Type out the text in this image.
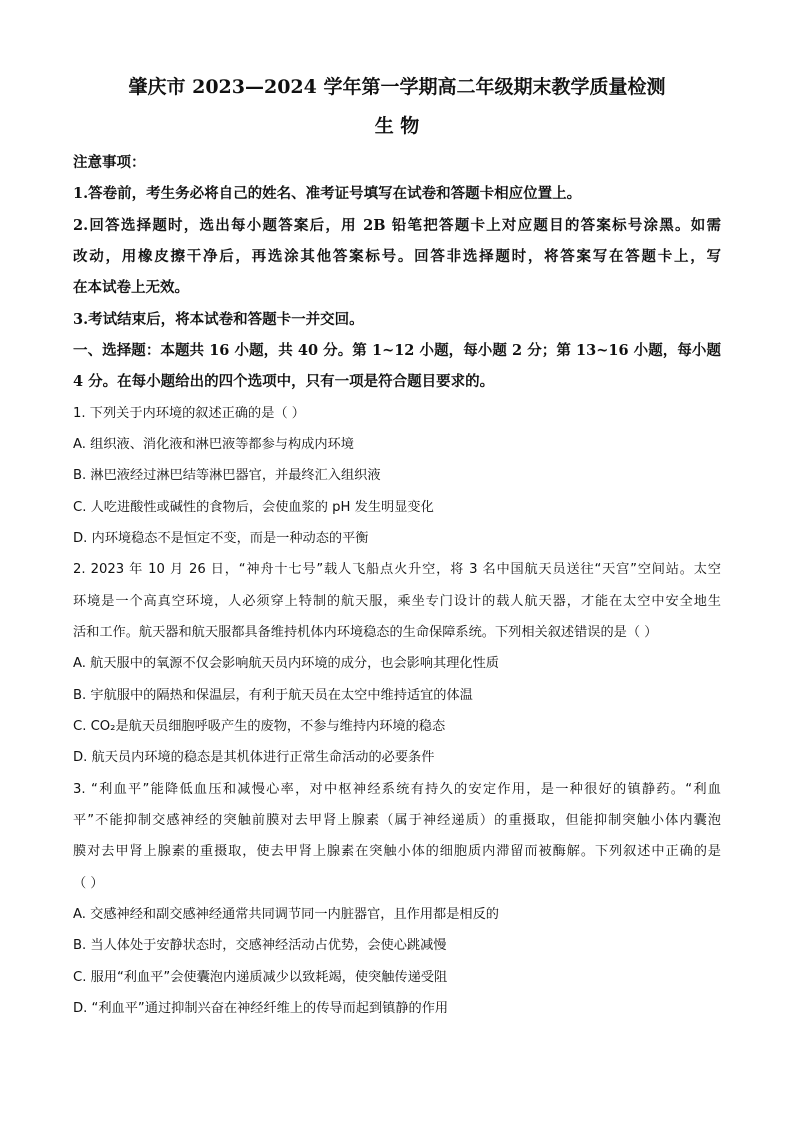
肇庆市 2023—2024 学年第一学期高二年级期末教学质量检测
生 物
注意事项：
1.答卷前，考生务必将自己的姓名、准考证号填写在试卷和答题卡相应位置上。
2.回答选择题时，选出每小题答案后，用 2B 铅笔把答题卡上对应题目的答案标号涂黑。如需
改动，用橡皮擦干净后，再选涂其他答案标号。回答非选择题时，将答案写在答题卡上，写
在本试卷上无效。
3.考试结束后，将本试卷和答题卡一并交回。
一、选择题：本题共 16 小题，共 40 分。第 1~12 小题，每小题 2 分；第 13~16 小题，每小题
4 分。在每小题给出的四个选项中，只有一项是符合题目要求的。
1. 下列关于内环境的叙述正确的是（ ）
A. 组织液、消化液和淋巴液等都参与构成内环境
B. 淋巴液经过淋巴结等淋巴器官，并最终汇入组织液
C. 人吃进酸性或碱性的食物后，会使血浆的 pH 发生明显变化
D. 内环境稳态不是恒定不变，而是一种动态的平衡
2. 2023 年 10 月 26 日，“神舟十七号”载人飞船点火升空，将 3 名中国航天员送往“天宫”空间站。太空
环境是一个高真空环境，人必须穿上特制的航天服，乘坐专门设计的载人航天器，才能在太空中安全地生
活和工作。航天器和航天服都具备维持机体内环境稳态的生命保障系统。下列相关叙述错误的是（ ）
A. 航天服中的氧源不仅会影响航天员内环境的成分，也会影响其理化性质
B. 宇航服中的隔热和保温层，有利于航天员在太空中维持适宜的体温
C. CO₂是航天员细胞呼吸产生的废物，不参与维持内环境的稳态
D. 航天员内环境的稳态是其机体进行正常生命活动的必要条件
3. “利血平”能降低血压和减慢心率，对中枢神经系统有持久的安定作用，是一种很好的镇静药。“利血
平”不能抑制交感神经的突触前膜对去甲肾上腺素（属于神经递质）的重摄取，但能抑制突触小体内囊泡
膜对去甲肾上腺素的重摄取，使去甲肾上腺素在突触小体的细胞质内滞留而被酶解。下列叙述中正确的是
（ ）
A. 交感神经和副交感神经通常共同调节同一内脏器官，且作用都是相反的
B. 当人体处于安静状态时，交感神经活动占优势，会使心跳减慢
C. 服用“利血平”会使囊泡内递质减少以致耗竭，使突触传递受阻
D. “利血平”通过抑制兴奋在神经纤维上的传导而起到镇静的作用
